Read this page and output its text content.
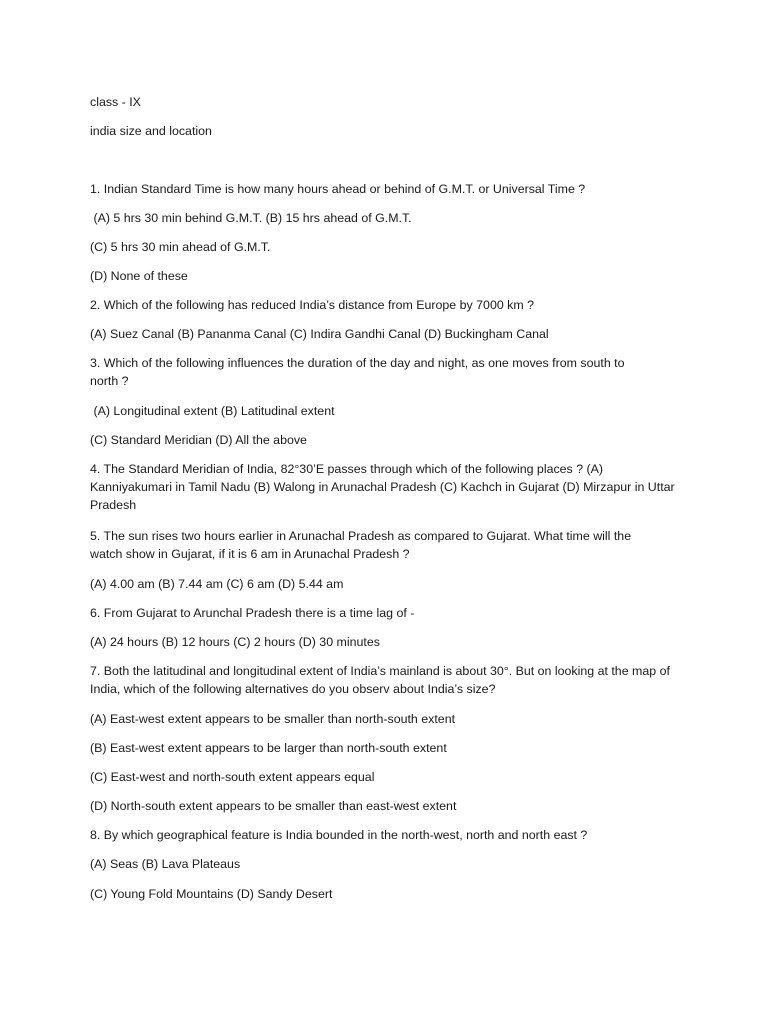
class - IX

india size and location

1. Indian Standard Time is how many hours ahead or behind of G.M.T. or Universal Time ?

(A) 5 hrs 30 min behind G.M.T. (B) 15 hrs ahead of G.M.T.

(C) 5 hrs 30 min ahead of G.M.T.

(D) None of these

2. Which of the following has reduced India’s distance from Europe by 7000 km ?

(A) Suez Canal (B) Pananma Canal (C) Indira Gandhi Canal (D) Buckingham Canal

3. Which of the following influences the duration of the day and night, as one moves from south to north ?

(A) Longitudinal extent (B) Latitudinal extent

(C) Standard Meridian (D) All the above

4. The Standard Meridian of India, 82°30’E passes through which of the following places ? (A) Kanniyakumari in Tamil Nadu (B) Walong in Arunachal Pradesh (C) Kachch in Gujarat (D) Mirzapur in Uttar Pradesh

5. The sun rises two hours earlier in Arunachal Pradesh as compared to Gujarat. What time will the watch show in Gujarat, if it is 6 am in Arunachal Pradesh ?

(A) 4.00 am (B) 7.44 am (C) 6 am (D) 5.44 am

6. From Gujarat to Arunchal Pradesh there is a time lag of -

(A) 24 hours (B) 12 hours (C) 2 hours (D) 30 minutes

7. Both the latitudinal and longitudinal extent of India’s mainland is about 30°. But on looking at the map of India, which of the following alternatives do you observ about India’s size?

(A) East-west extent appears to be smaller than north-south extent

(B) East-west extent appears to be larger than north-south extent

(C) East-west and north-south extent appears equal

(D) North-south extent appears to be smaller than east-west extent

8. By which geographical feature is India bounded in the north-west, north and north east ?

(A) Seas (B) Lava Plateaus

(C) Young Fold Mountains (D) Sandy Desert
